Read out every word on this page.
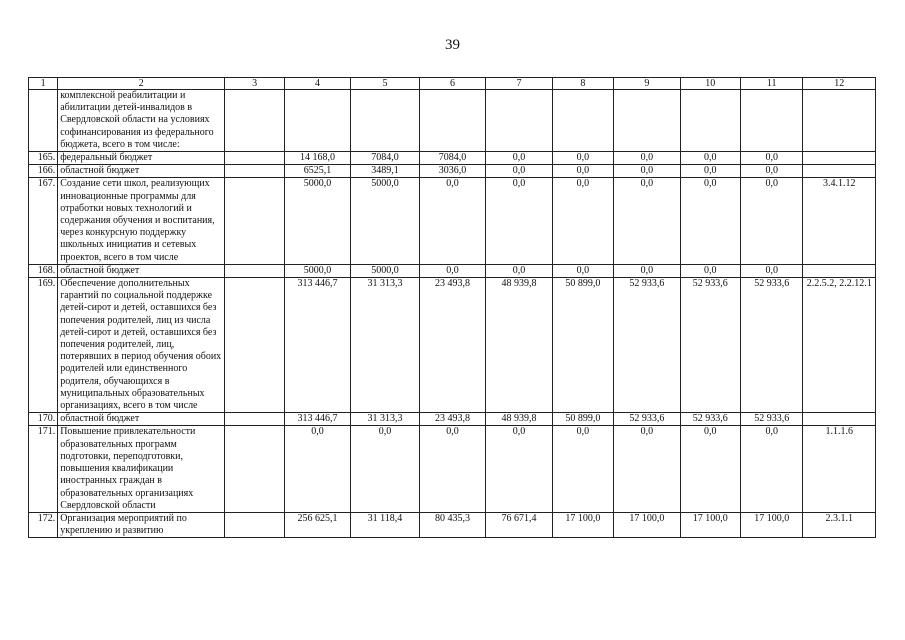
39
1	2	3	4	5	6	7	8	9	10	11	12
	комплексной реабилитации и абилитации детей-инвалидов в Свердловской области на условиях софинансирования из федерального бюджета, всего в том числе:										
165.	федеральный бюджет		14 168,0	7084,0	7084,0	0,0	0,0	0,0	0,0	0,0	
166.	областной бюджет		6525,1	3489,1	3036,0	0,0	0,0	0,0	0,0	0,0	
167.	Создание сети школ, реализующих инновационные программы для отработки новых технологий и содержания обучения и воспитания, через конкурсную поддержку школьных инициатив и сетевых проектов, всего в том числе		5000,0	5000,0	0,0	0,0	0,0	0,0	0,0	0,0	3.4.1.12
168.	областной бюджет		5000,0	5000,0	0,0	0,0	0,0	0,0	0,0	0,0	
169.	Обеспечение дополнительных гарантий по социальной поддержке детей-сирот и детей, оставшихся без попечения родителей, лиц из числа детей-сирот и детей, оставшихся без попечения родителей, лиц, потерявших в период обучения обоих родителей или единственного родителя, обучающихся в муниципальных образовательных организациях, всего в том числе		313 446,7	31 313,3	23 493,8	48 939,8	50 899,0	52 933,6	52 933,6	52 933,6	2.2.5.2, 2.2.12.1
170.	областной бюджет		313 446,7	31 313,3	23 493,8	48 939,8	50 899,0	52 933,6	52 933,6	52 933,6	
171.	Повышение привлекательности образовательных программ подготовки, переподготовки, повышения квалификации иностранных граждан в образовательных организациях Свердловской области		0,0	0,0	0,0	0,0	0,0	0,0	0,0	0,0	1.1.1.6
172.	Организация мероприятий по укреплению и развитию		256 625,1	31 118,4	80 435,3	76 671,4	17 100,0	17 100,0	17 100,0	17 100,0	2.3.1.1
